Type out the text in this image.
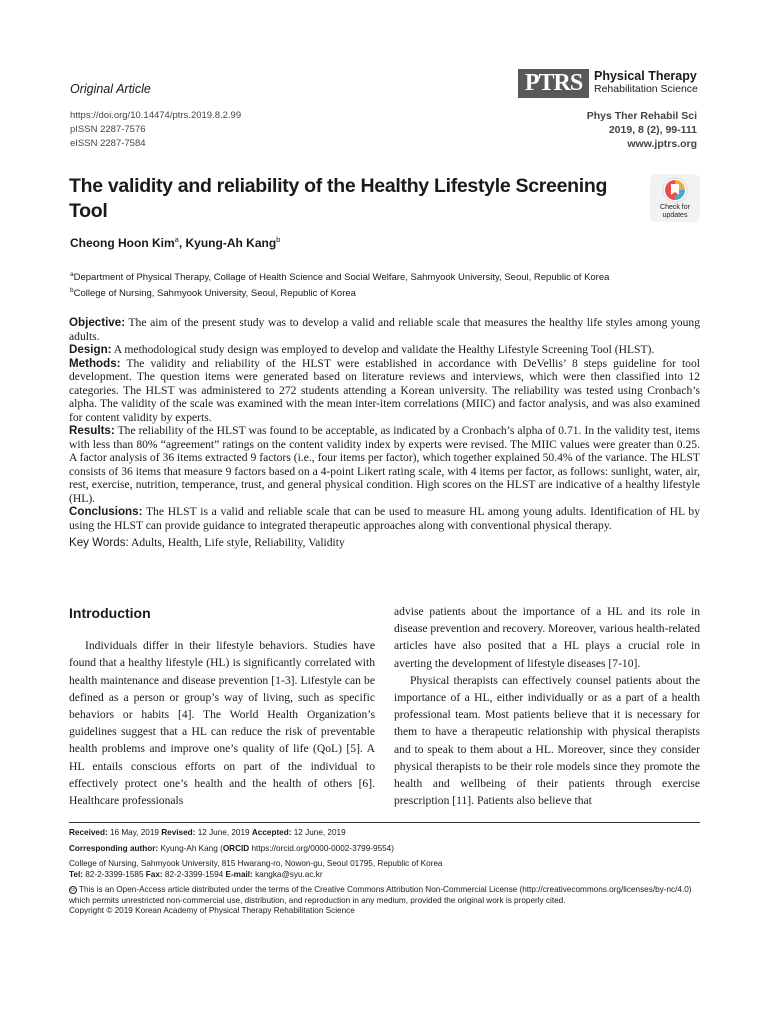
Original Article	PTRS Physical Therapy
Rehabilitation Science
https://doi.org/10.14474/ptrs.2019.8.2.99
pISSN 2287-7576
eISSN 2287-7584
Phys Ther Rehabil Sci
2019, 8 (2), 99-111
www.jptrs.org
The validity and reliability of the Healthy Lifestyle Screening Tool	Check for
updates
Cheong Hoon Kim$^a$, Kyung-Ah Kang$^b$
$^a$Department of Physical Therapy, Collage of Health Science and Social Welfare, Sahmyook University, Seoul, Republic of Korea
$^b$College of Nursing, Sahmyook University, Seoul, Republic of Korea

Objective: The aim of the present study was to develop a valid and reliable scale that measures the healthy life styles among young adults.

Design: A methodological study design was employed to develop and validate the Healthy Lifestyle Screening Tool (HLST).

Methods: The validity and reliability of the HLST were established in accordance with DeVellis’ 8 steps guideline for tool development. The question items were generated based on literature reviews and interviews, which were then classified into 12 categories. The HLST was administered to 272 students attending a Korean university. The reliability was tested using Cronbach’s alpha. The validity of the scale was examined with the mean inter-item correlations (MIIC) and factor analysis, and was also examined for content validity by experts.

Results: The reliability of the HLST was found to be acceptable, as indicated by a Cronbach’s alpha of 0.71. In the validity test, items with less than 80% “agreement” ratings on the content validity index by experts were revised. The MIIC values were greater than 0.25. A factor analysis of 36 items extracted 9 factors (i.e., four items per factor), which together explained 50.4% of the variance. The HLST consists of 36 items that measure 9 factors based on a 4-point Likert rating scale, with 4 items per factor, as follows: sunlight, water, air, rest, exercise, nutrition, temperance, trust, and general physical condition. High scores on the HLST are indicative of a healthy lifestyle (HL).

Conclusions: The HLST is a valid and reliable scale that can be used to measure HL among young adults. Identification of HL by using the HLST can provide guidance to integrated therapeutic approaches along with conventional physical therapy.

Key Words: Adults, Health, Life style, Reliability, Validity

Introduction

Individuals differ in their lifestyle behaviors. Studies have found that a healthy lifestyle (HL) is significantly correlated with health maintenance and disease prevention [1-3]. Lifestyle can be defined as a person or group’s way of living, such as specific behaviors or habits [4]. The World Health Organization’s guidelines suggest that a HL can reduce the risk of preventable health problems and improve one’s quality of life (QoL) [5]. A HL entails conscious efforts on part of the individual to effectively protect one’s health and the health of others [6]. Healthcare professionals

advise patients about the importance of a HL and its role in disease prevention and recovery. Moreover, various health-related articles have also posited that a HL plays a crucial role in averting the development of lifestyle diseases [7-10].

Physical therapists can effectively counsel patients about the importance of a HL, either individually or as a part of a health professional team. Most patients believe that it is necessary for them to have a therapeutic relationship with physical therapists and to speak to them about a HL. Moreover, since they consider physical therapists to be their role models since they promote the health and wellbeing of their patients through exercise prescription [11]. Patients also believe that

Received: 16 May, 2019 Revised: 12 June, 2019 Accepted: 12 June, 2019
Corresponding author: Kyung-Ah Kang (ORCID https://orcid.org/0000-0002-3799-9554)
College of Nursing, Sahmyook University, 815 Hwarang-ro, Nowon-gu, Seoul 01795, Republic of Korea
Tel: 82-2-3399-1585 Fax: 82-2-3399-1594 E-mail: kangka@syu.ac.kr
cc This is an Open-Access article distributed under the terms of the Creative Commons Attribution Non-Commercial License (http://creativecommons.org/licenses/by-nc/4.0) which permits unrestricted non-commercial use, distribution, and reproduction in any medium, provided the original work is properly cited.
Copyright © 2019 Korean Academy of Physical Therapy Rehabilitation Science
